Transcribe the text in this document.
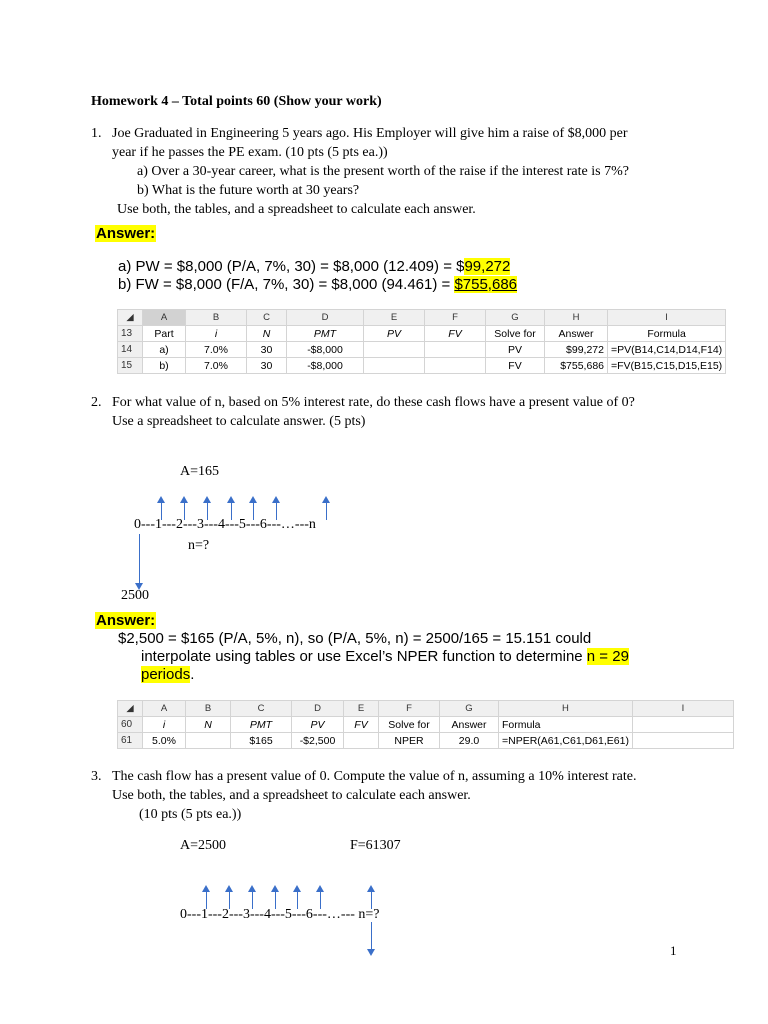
Homework 4 – Total points 60 (Show your work)
1. Joe Graduated in Engineering 5 years ago. His Employer will give him a raise of $8,000 per
year if he passes the PE exam. (10 pts (5 pts ea.))
a) Over a 30-year career, what is the present worth of the raise if the interest rate is 7%?
b) What is the future worth at 30 years?
Use both, the tables, and a spreadsheet to calculate each answer.
Answer:
a) PW = $8,000 (P/A, 7%, 30) = $8,000 (12.409) = $99,272
b) FW = $8,000 (F/A, 7%, 30) = $8,000 (94.461) = $755,686
◢	A	B	C	D	E	F	G	H	I
13	Part	i	N	PMT	PV	FV	Solve for	Answer	Formula
14	a)	7.0%	30	-$8,000			PV	$99,272	=PV(B14,C14,D14,F14)
15	b)	7.0%	30	-$8,000			FV	$755,686	=FV(B15,C15,D15,E15)
2. For what value of n, based on 5% interest rate, do these cash flows have a present value of 0?
Use a spreadsheet to calculate answer. (5 pts)
A=165
0---1---2---3---4---5---6---…---n
n=?
2500
Answer:
$2,500 = $165 (P/A, 5%, n), so (P/A, 5%, n) = 2500/165 = 15.151 could
interpolate using tables or use Excel’s NPER function to determine n = 29
periods.
◢	A	B	C	D	E	F	G	H	I
60	i	N	PMT	PV	FV	Solve for	Answer	Formula	
61	5.0%		$165	-$2,500		NPER	29.0	=NPER(A61,C61,D61,E61)	
3. The cash flow has a present value of 0. Compute the value of n, assuming a 10% interest rate.
Use both, the tables, and a spreadsheet to calculate each answer.
(10 pts (5 pts ea.))
A=2500	F=61307
0---1---2---3---4---5---6---…--- n=?
1
